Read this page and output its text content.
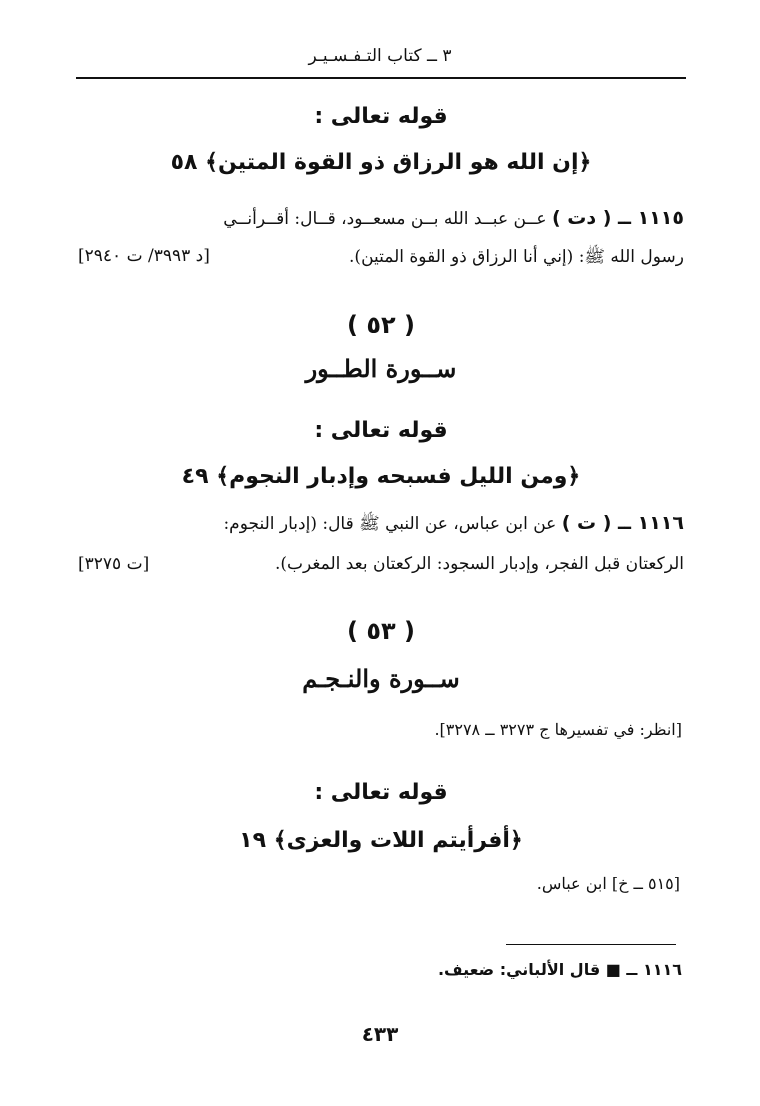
٣ ــ كتاب التـفـسـيـر
قوله تعالى :
﴿إن الله هو الرزاق ذو القوة المتين﴾ ٥٨
١١١٥ ــ ( دت ) عــن عبــد الله بــن مسعــود، قــال: أقــرأنــي
رسول الله ﷺ: (إني أنا الرزاق ذو القوة المتين).
[د ٣٩٩٣/ ت ٢٩٤٠]
( ٥٢ )
ســورة الطــور
قوله تعالى :
﴿ومن الليل فسبحه وإدبار النجوم﴾ ٤٩
١١١٦ ــ ( ت ) عن ابن عباس، عن النبي ﷺ قال: (إدبار النجوم:
الركعتان قبل الفجر، وإدبار السجود: الركعتان بعد المغرب).
[ت ٣٢٧٥]
( ٥٣ )
ســورة والنـجـم
[انظر: في تفسيرها ج ٣٢٧٣ ــ ٣٢٧٨].
قوله تعالى :
﴿أفرأيتم اللات والعزى﴾ ١٩
[٥١٥ ــ خ] ابن عباس.
١١١٦ ــ ■ قال الألباني: ضعيف.
٤٣٣
